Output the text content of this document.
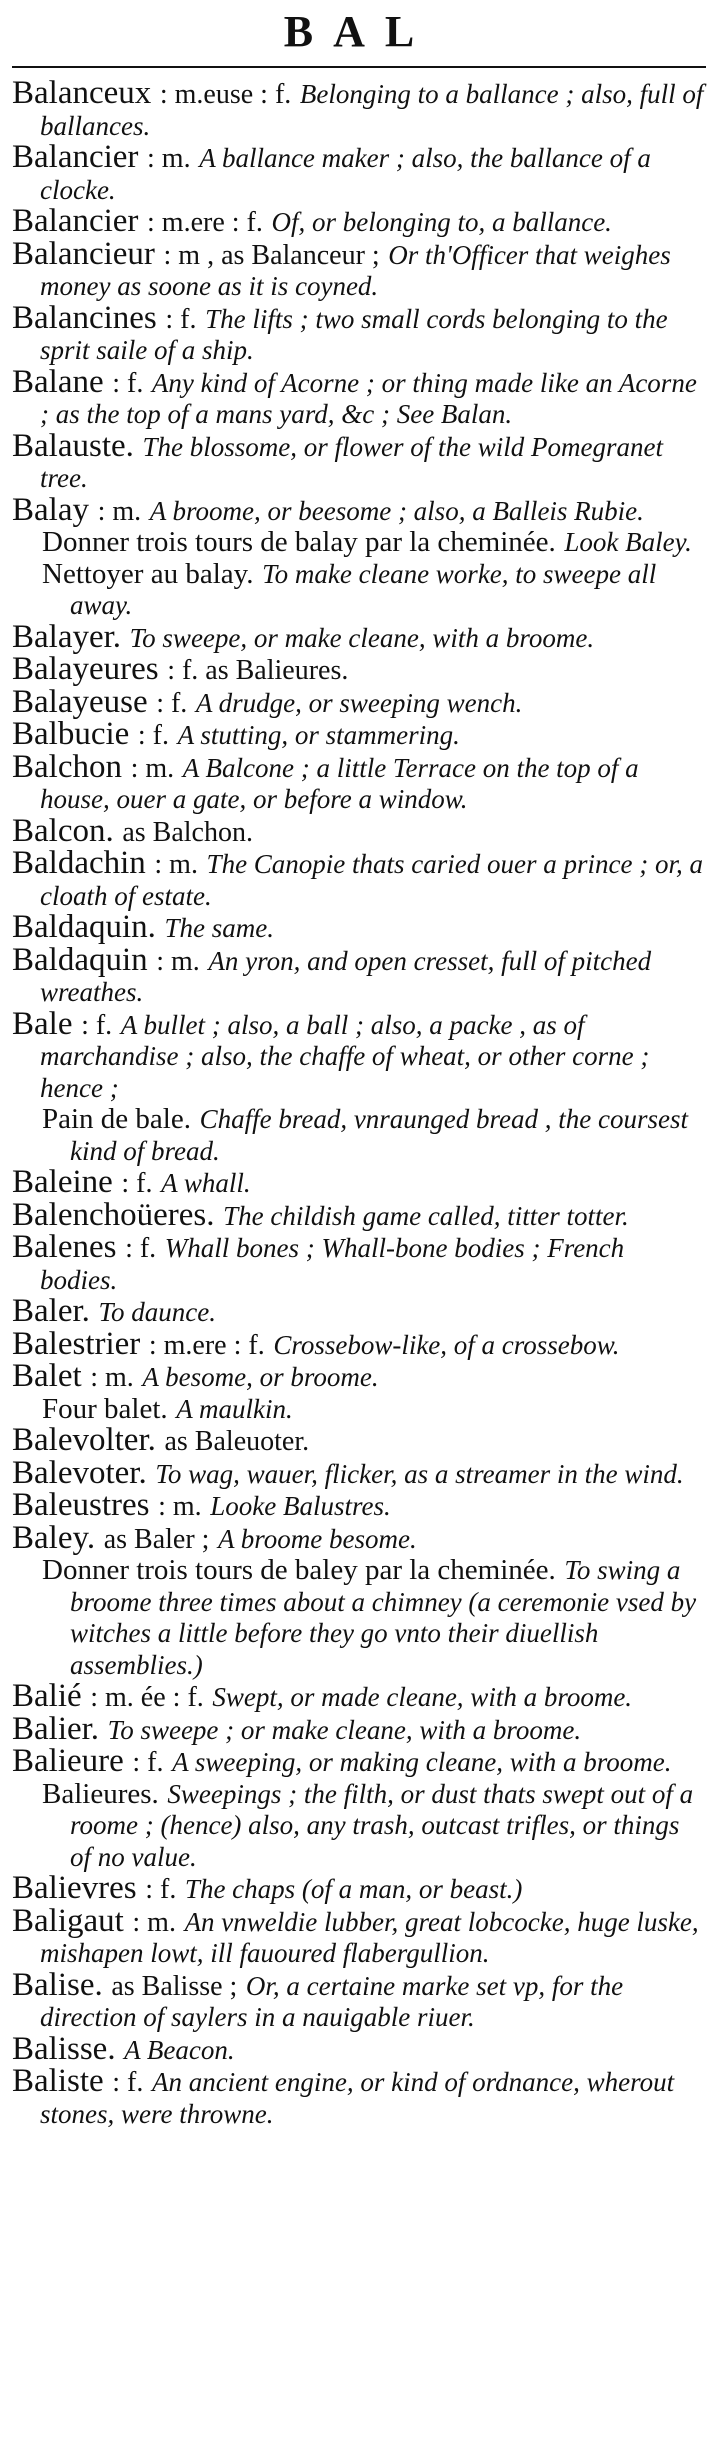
BAL
Balanceux : m.euse : f. Belonging to a ballance ; also, full of ballances.
Balancier : m. A ballance maker ; also, the ballance of a clocke.
Balancier : m.ere : f. Of, or belonging to, a ballance.
Balancieur : m , as Balanceur ; Or th'Officer that weighes money as soone as it is coyned.
Balancines : f. The lifts ; two small cords belonging to the sprit saile of a ship.
Balane : f. Any kind of Acorne ; or thing made like an Acorne ; as the top of a mans yard, &c ; See Balan.
Balauste. The blossome, or flower of the wild Pomegranet tree.
Balay : m. A broome, or beesome ; also, a Balleis Rubie.
Donner trois tours de balay par la cheminée. Look Baley.
Nettoyer au balay. To make cleane worke, to sweepe all away.
Balayer. To sweepe, or make cleane, with a broome.
Balayeures : f. as Balieures.
Balayeuse : f. A drudge, or sweeping wench.
Balbucie : f. A stutting, or stammering.
Balchon : m. A Balcone ; a little Terrace on the top of a house, ouer a gate, or before a window.
Balcon. as Balchon.
Baldachin : m. The Canopie thats caried ouer a prince ; or, a cloath of estate.
Baldaquin. The same.
Baldaquin : m. An yron, and open cresset, full of pitched wreathes.
Bale : f. A bullet ; also, a ball ; also, a packe , as of marchandise ; also, the chaffe of wheat, or other corne ; hence ;
Pain de bale. Chaffe bread, vnraunged bread , the coursest kind of bread.
Baleine : f. A whall.
Balenchoüeres. The childish game called, titter totter.
Balenes : f. Whall bones ; Whall-bone bodies ; French bodies.
Baler. To daunce.
Balestrier : m.ere : f. Crossebow-like, of a crossebow.
Balet : m. A besome, or broome.
Four balet. A maulkin.
Balevolter. as Baleuoter.
Balevoter. To wag, wauer, flicker, as a streamer in the wind.
Baleustres : m. Looke Balustres.
Baley. as Baler ; A broome besome.
Donner trois tours de baley par la cheminée. To swing a broome three times about a chimney (a ceremonie vsed by witches a little before they go vnto their diuellish assemblies.)
Balié : m. ée : f. Swept, or made cleane, with a broome.
Balier. To sweepe ; or make cleane, with a broome.
Balieure : f. A sweeping, or making cleane, with a broome.
Balieures. Sweepings ; the filth, or dust thats swept out of a roome ; (hence) also, any trash, outcast trifles, or things of no value.
Balievres : f. The chaps (of a man, or beast.)
Baligaut : m. An vnweldie lubber, great lobcocke, huge luske, mishapen lowt, ill fauoured flabergullion.
Balise. as Balisse ; Or, a certaine marke set vp, for the direction of saylers in a nauigable riuer.
Balisse. A Beacon.
Baliste : f. An ancient engine, or kind of ordnance, wherout stones, were throwne.
